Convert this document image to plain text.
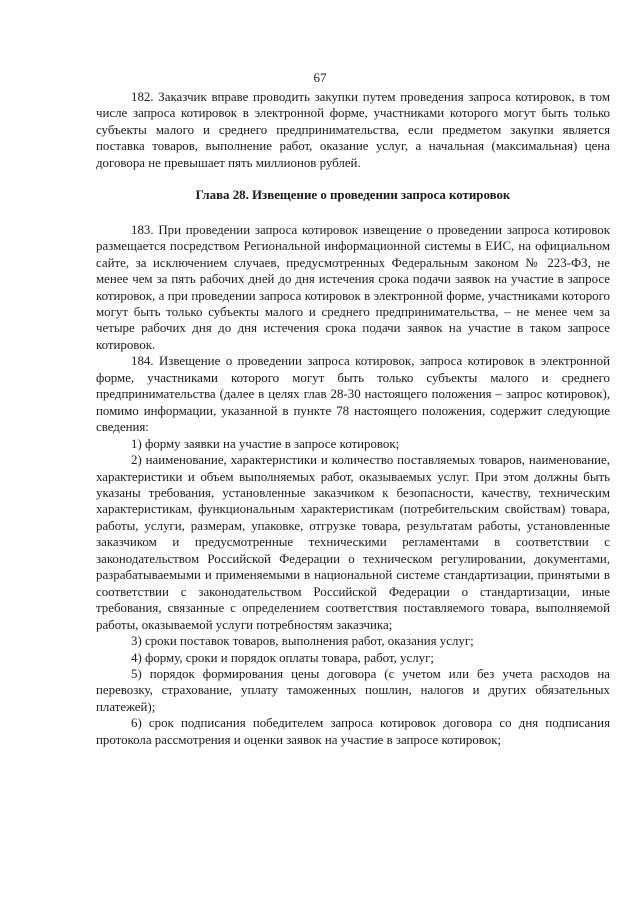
67

182. Заказчик вправе проводить закупки путем проведения запроса котировок, в том числе запроса котировок в электронной форме, участниками которого могут быть только субъекты малого и среднего предпринимательства, если предметом закупки является поставка товаров, выполнение работ, оказание услуг, а начальная (максимальная) цена договора не превышает пять миллионов рублей.

Глава 28. Извещение о проведении запроса котировок

183. При проведении запроса котировок извещение о проведении запроса котировок размещается посредством Региональной информационной системы в ЕИС, на официальном сайте, за исключением случаев, предусмотренных Федеральным законом № 223-ФЗ, не менее чем за пять рабочих дней до дня истечения срока подачи заявок на участие в запросе котировок, а при проведении запроса котировок в электронной форме, участниками которого могут быть только субъекты малого и среднего предпринимательства, – не менее чем за четыре рабочих дня до дня истечения срока подачи заявок на участие в таком запросе котировок.

184. Извещение о проведении запроса котировок, запроса котировок в электронной форме, участниками которого могут быть только субъекты малого и среднего предпринимательства (далее в целях глав 28-30 настоящего положения – запрос котировок), помимо информации, указанной в пункте 78 настоящего положения, содержит следующие сведения:

1) форму заявки на участие в запросе котировок;

2) наименование, характеристики и количество поставляемых товаров, наименование, характеристики и объем выполняемых работ, оказываемых услуг. При этом должны быть указаны требования, установленные заказчиком к безопасности, качеству, техническим характеристикам, функциональным характеристикам (потребительским свойствам) товара, работы, услуги, размерам, упаковке, отгрузке товара, результатам работы, установленные заказчиком и предусмотренные техническими регламентами в соответствии с законодательством Российской Федерации о техническом регулировании, документами, разрабатываемыми и применяемыми в национальной системе стандартизации, принятыми в соответствии с законодательством Российской Федерации о стандартизации, иные требования, связанные с определением соответствия поставляемого товара, выполняемой работы, оказываемой услуги потребностям заказчика;

3) сроки поставок товаров, выполнения работ, оказания услуг;

4) форму, сроки и порядок оплаты товара, работ, услуг;

5) порядок формирования цены договора (с учетом или без учета расходов на перевозку, страхование, уплату таможенных пошлин, налогов и других обязательных платежей);

6) срок подписания победителем запроса котировок договора со дня подписания протокола рассмотрения и оценки заявок на участие в запросе котировок;
